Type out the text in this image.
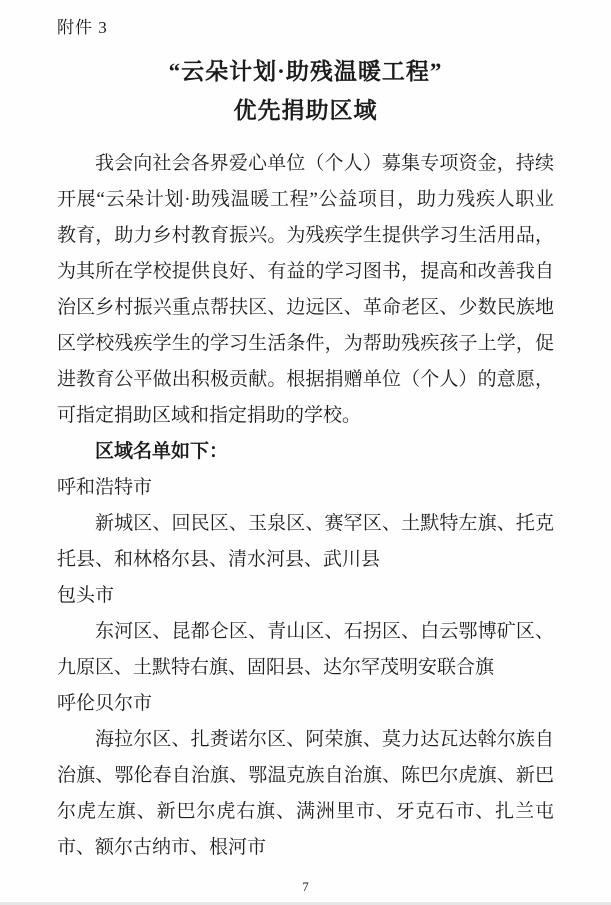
附件 3
“云朵计划·助残温暖工程”
优先捐助区域

我会向社会各界爱心单位（个人）募集专项资金，持续开展“云朵计划·助残温暖工程”公益项目，助力残疾人职业教育，助力乡村教育振兴。为残疾学生提供学习生活用品，为其所在学校提供良好、有益的学习图书，提高和改善我自治区乡村振兴重点帮扶区、边远区、革命老区、少数民族地区学校残疾学生的学习生活条件，为帮助残疾孩子上学，促进教育公平做出积极贡献。根据捐赠单位（个人）的意愿，可指定捐助区域和指定捐助的学校。

区域名单如下：

呼和浩特市

新城区、回民区、玉泉区、赛罕区、土默特左旗、托克托县、和林格尔县、清水河县、武川县

包头市

东河区、昆都仑区、青山区、石拐区、白云鄂博矿区、九原区、土默特右旗、固阳县、达尔罕茂明安联合旗

呼伦贝尔市

海拉尔区、扎赉诺尔区、阿荣旗、莫力达瓦达斡尔族自治旗、鄂伦春自治旗、鄂温克族自治旗、陈巴尔虎旗、新巴尔虎左旗、新巴尔虎右旗、满洲里市、牙克石市、扎兰屯市、额尔古纳市、根河市

7
